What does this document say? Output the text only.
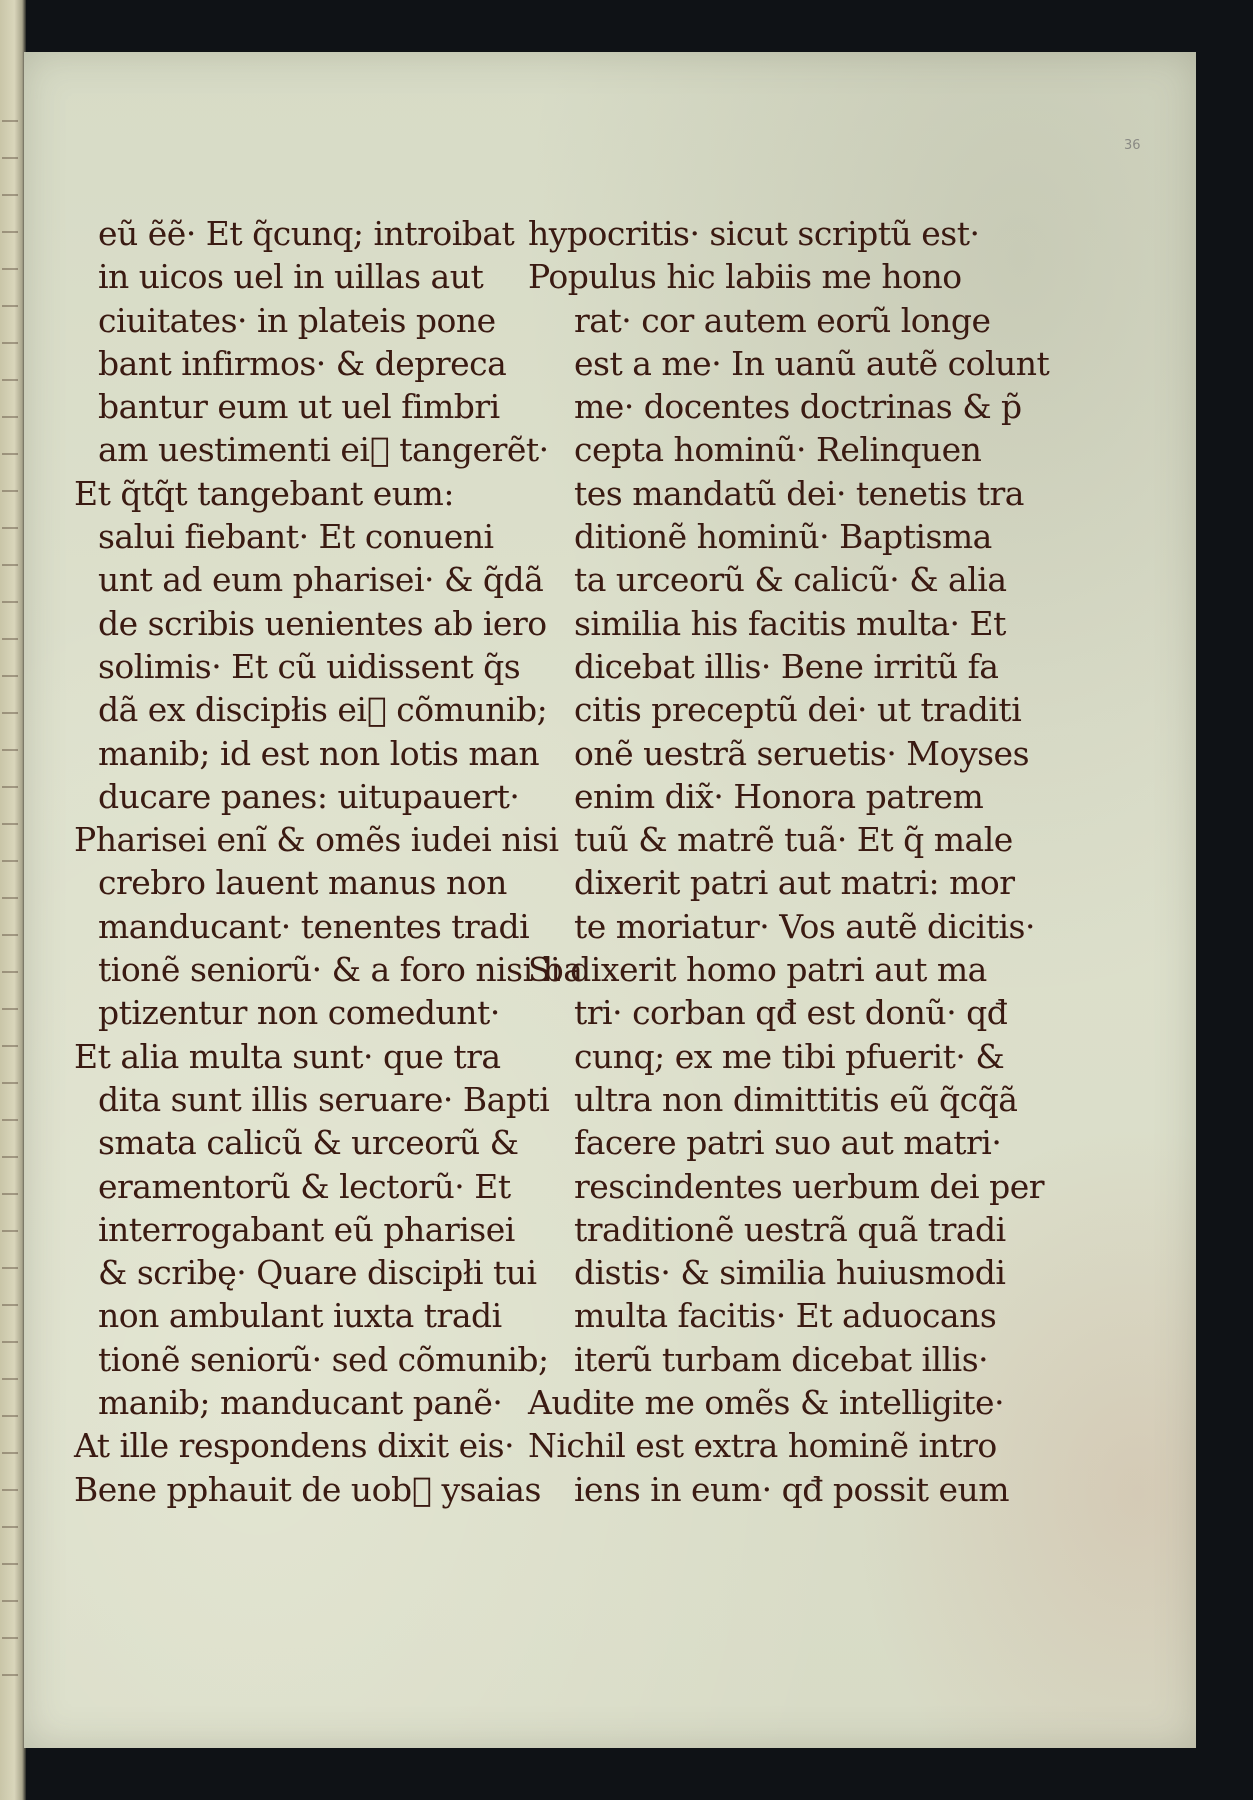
36
eũ ẽẽ· Et q̃cunq; introibat
in uicos uel in uillas aut
ciuitates· in plateis pone
bant infirmos· & depreca
bantur eum ut uel fimbri
am uestimenti ei᷑ tangerẽt·
Et q̃tq̃t tangebant eum:
salui fiebant· Et conueni
unt ad eum pharisei· & q̃dã
de scribis uenientes ab iero
solimis· Et cũ uidissent q̃s
dã ex discipłis ei᷑ cõmunib;
manib; id est non lotis man
ducare panes: uitupauert·
Pharisei enĩ & omẽs iudei nisi
crebro lauent manus non
manducant· tenentes tradi
tionẽ seniorũ· & a foro nisi ba
ptizentur non comedunt·
Et alia multa sunt· que tra
dita sunt illis seruare· Bapti
smata calicũ & urceorũ &
eramentorũ & lectorũ· Et
interrogabant eũ pharisei
& scribę· Quare discipłi tui
non ambulant iuxta tradi
tionẽ seniorũ· sed cõmunib;
manib; manducant panẽ·
At ille respondens dixit eis·
Bene pphauit de uob᷑ ysaias
hypocritis· sicut scriptũ est·
Populus hic labiis me hono
rat· cor autem eorũ longe
est a me· In uanũ autẽ colunt
me· docentes doctrinas & p̃
cepta hominũ· Relinquen
tes mandatũ dei· tenetis tra
ditionẽ hominũ· Baptisma
ta urceorũ & calicũ· & alia
similia his facitis multa· Et
dicebat illis· Bene irritũ fa
citis preceptũ dei· ut traditi
onẽ uestrã seruetis· Moyses
enim dix̃· Honora patrem
tuũ & matrẽ tuã· Et q̃ male
dixerit patri aut matri: mor
te moriatur· Vos autẽ dicitis·
Si dixerit homo patri aut ma
tri· corban qđ est donũ· qđ
cunq; ex me tibi pfuerit· &
ultra non dimittitis eũ q̃cq̃ã
facere patri suo aut matri·
rescindentes uerbum dei per
traditionẽ uestrã quã tradi
distis· & similia huiusmodi
multa facitis· Et aduocans
iterũ turbam dicebat illis·
Audite me omẽs & intelligite·
Nichil est extra hominẽ intro
iens in eum· qđ possit eum
